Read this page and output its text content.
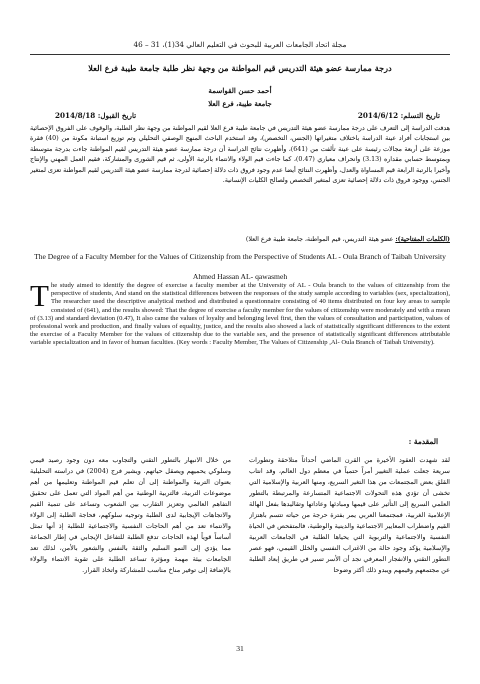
مجلة اتحاد الجامعات العربية للبحوث في التعليم العالي 34(1)، 31 – 46
درجة ممارسة عضو هيئة التدريس قيم المواطنة من وجهة نظر طلبة جامعة طيبة فرع العلا
أحمد حسن القواسمة
جامعة طيبة، فرع العلا
تاريخ التسلم: 2014/6/12
تاريخ القبول: 2014/8/18
هدفت الدراسة إلى التعرف على درجة ممارسة عضو هيئة التدريس في جامعة طيبة فرع العلا لقيم المواطنة من وجهة نظر الطلبة، والوقوف على الفروق الإحصائية بين استجابات أفراد عينة الدراسة باختلاف متغيراتها (الجنس، التخصص)، وقد استخدم الباحث المنهج الوصفي التحليلي وتم توزيع استبانة مكونة من (40) فقرة موزعة على أربعة مجالات رئيسة على عينة تألفت من (641)، وأظهرت نتائج الدراسة أن درجة ممارسة عضو هيئة التدريس لقيم المواطنة جاءت بدرجة متوسطة وبمتوسط حسابي مقداره (3.13) وانحراف معياري (0.47)، كما جاءت قيم الولاء والانتماء بالرتبة الأولى، ثم قيم الشورى والمشاركة، فقيم العمل المهني والإنتاج وأخيرا بالرتبة الرابعة قيم المساواة والعدل، وأظهرت النتائج أيضا عدم وجود فروق ذات دلالة إحصائية لدرجة ممارسة عضو هيئة التدريس لقيم المواطنة تعزى لمتغير الجنس، ووجود فروق ذات دلالة إحصائية تعزى لمتغير التخصص ولصالح الكليات الإنسانية.
(الكلمات المفتاحية): عضو هيئة التدريس، قيم المواطنة، جامعة طيبة فرع العلا)
The Degree of a Faculty Member for the Values of Citizenship from the Perspective of Students AL - Oula Branch of Taibah University
Ahmed Hassan AL- qawasmeh
T he study aimed to identify the degree of exercise a faculty member at the University of AL - Oula branch to the values of citizenship from the perspective of students, And stand on the statistical differences between the responses of the study sample according to variables (sex, specialization), The researcher used the descriptive analytical method and distributed a questionnaire consisting of 40 items distributed on four key areas to sample consisted of (641), and the results showed: That the degree of exercise a faculty member for the values of citizenship were moderately and with a mean of (3.13) and standard deviation (0.47), It also came the values of loyalty and belonging level first, then the values of consultation and participation, values of professional work and production, and finally values of equality, justice, and the results also showed a lack of statistically significant differences to the extent the exercise of a Faculty Member for the values of citizenship due to the variable sex, and the presence of statistically significant differences attributable variable specialization and in favor of human faculties. (Key words : Faculty Member, The Values of Citizenship ,Al- Oula Branch of Taibah University).
المقدمة :
لقد شهدت العقود الأخيرة من القرن الماضي أحداثاً متلاحقة وتطورات سريعة جعلت عملية التغيير أمراً حتمياً في معظم دول العالم، وقد انتاب القلق بعض المجتمعات من هذا التغير السريع، ومنها العربية والإسلامية التي تخشى أن تؤدي هذه التحولات الاجتماعية المتسارعة والمرتبطة بالتطور العلمي السريع إلى التأثير على قيمها ومبادئها وعاداتها وتقاليدها بفعل الهالة الإعلامية الغربية، فمجتمعنا العربي يمر بفترة حرجة من حياته تتسم باهتزاز القيم واضطراب المعايير الاجتماعية والدينية والوطنية، فالمتفحص في الحياة النفسية والاجتماعية والتربوية التي يحياها الطلبة في الجامعات العربية والإسلامية يؤكد وجود حالة من الاغتراب النفسي والخلل القيمي، فهو عصر التطور التقني والانفجار المعرفي نجد أن الأسر تسير في طريق إبعاد الطلبة عن مجتمعهم وقيمهم ويبدو ذلك أكثر وضوحا
من خلال الانبهار بالتطور التقني والتجاوب معه دون وجود رصيد قيمي وسلوكي يحميهم ويصقل حياتهم. ويشير فرج (2004) في دراسته التحليلية بعنوان التربية والمواطنة إلى أن تعلم قيم المواطنة وتعليمها من أهم موضوعات التربية، فالتربية الوطنية من أهم المواد التي تعمل على تحقيق التفاهم العالمي وتعزيز التقارب بين الشعوب وتساعد على تنمية القيم والاتجاهات الإيجابية لدى الطلبة وتوجيه سلوكهم، فحاجة الطلبة إلى الولاء والانتماء تعد من أهم الحاجات النفسية والاجتماعية للطلبة إذ أنها تمثل أساساً قوياً لهذه الحاجات تدفع الطلبة للتفاعل الإيجابي في إطار الجماعة مما يؤدي إلى النمو السليم والثقة بالنفس والشعور بالأمن، لذلك تعد الجامعات بيئة مهمة ومؤثرة تساعد الطلبة على تقوية الانتماء والولاء بالإضافة إلى توفير مناخ مناسب للمشاركة واتخاذ القرار.
31
